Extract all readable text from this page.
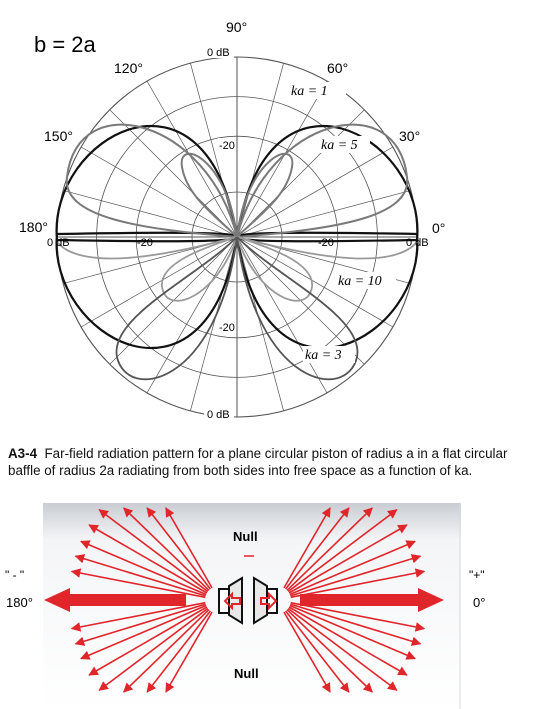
b = 2a
90°
60°
30°
0°
120°
150°
180°
0 dB
0 dB
0 dB	0 dB
-20
-20
-20	-20
ka = 1
ka = 5
ka = 10
ka = 3
A3-4 Far-field radiation pattern for a plane circular piston of radius a in a flat circular baffle of radius 2a radiating from both sides into free space as a function of ka.
Null
Null
" - "	"+"
180°	0°
